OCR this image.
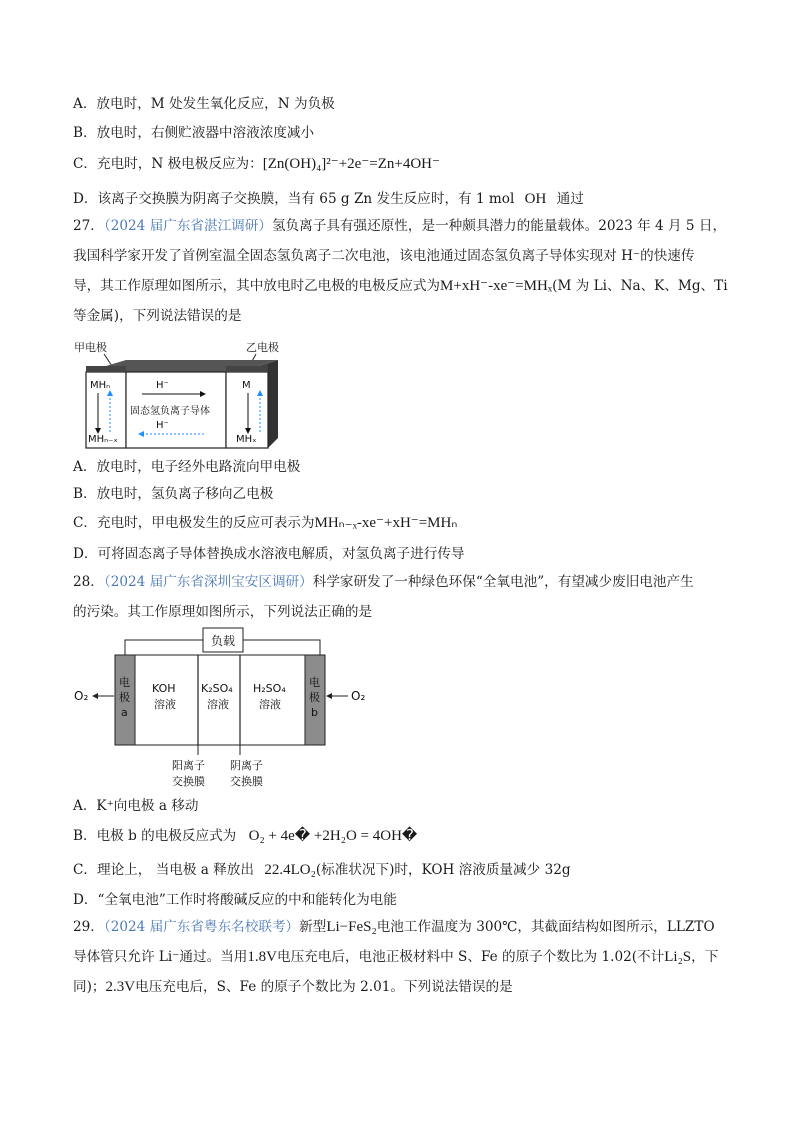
A．放电时，M 处发生氧化反应，N 为负极
B．放电时，右侧贮液器中溶液浓度减小
C．充电时，N 极电极反应为：[Zn(OH)₄]²⁻+2e⁻=Zn+4OH⁻
D．该离子交换膜为阴离子交换膜，当有 65 g Zn 发生反应时，有 1 mol OH 通过
27．（2024 届广东省湛江调研）氢负离子具有强还原性，是一种颇具潜力的能量载体。2023 年 4 月 5 日，
我国科学家开发了首例室温全固态氢负离子二次电池，该电池通过固态氢负离子导体实现对 H⁻的快速传
导，其工作原理如图所示，其中放电时乙电极的电极反应式为M+xH⁻-xe⁻=MHₓ(M 为 Li、Na、K、Mg、Ti
等金属)，下列说法错误的是
甲电极	乙电极
MHₙ
MHₙ₋ₓ
H⁻
固态氢负离子导体
H⁻
M
MHₓ
A．放电时，电子经外电路流向甲电极
B．放电时，氢负离子移向乙电极
C．充电时，甲电极发生的反应可表示为MHₙ₋ₓ-xe⁻+xH⁻=MHₙ
D．可将固态离子导体替换成水溶液电解质，对氢负离子进行传导
28．（2024 届广东省深圳宝安区调研）科学家研发了一种绿色环保“全氧电池”，有望减少废旧电池产生
的污染。其工作原理如图所示，下列说法正确的是
负载
电
极
a
电
极
b
KOH
溶液
K₂SO₄
溶液
H₂SO₄
溶液
O₂	O₂
阳离子
交换膜
阴离子
交换膜
A．K⁺向电极 a 移动
B．电极 b 的电极反应式为 O₂ + 4e� +2H₂O = 4OH�
C．理论上， 当电极 a 释放出 22.4LO₂(标准状况下)时，KOH 溶液质量减少 32g
D．“全氧电池”工作时将酸碱反应的中和能转化为电能
29．（2024 届广东省粤东名校联考）新型Li−FeS₂电池工作温度为 300℃，其截面结构如图所示，LLZTO
导体管只允许 Li⁻通过。当用1.8V电压充电后，电池正极材料中 S、Fe 的原子个数比为 1.02(不计Li₂S，下
同)；2.3V电压充电后，S、Fe 的原子个数比为 2.01。下列说法错误的是
